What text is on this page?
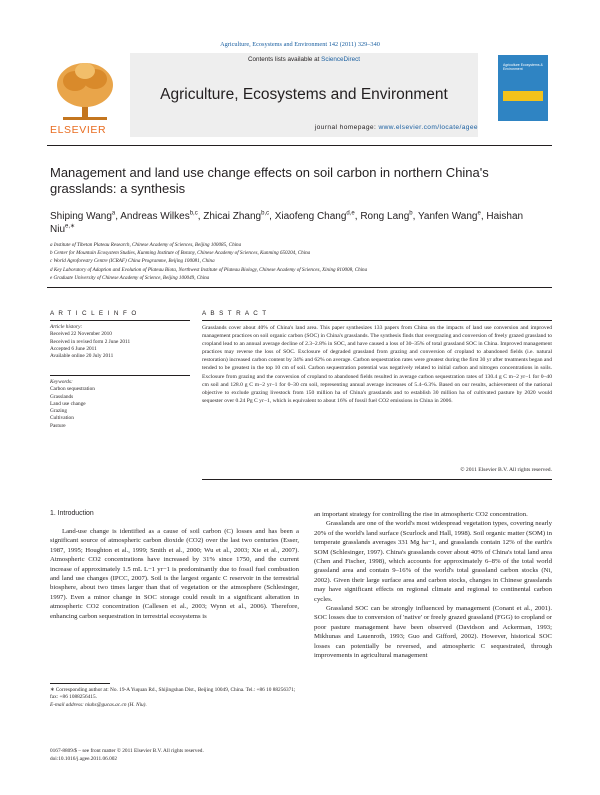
Agriculture, Ecosystems and Environment 142 (2011) 329–340
ELSEVIER
Contents lists available at ScienceDirect
Agriculture, Ecosystems and Environment
journal homepage: www.elsevier.com/locate/agee
Agriculture Ecosystems & Environment
Management and land use change effects on soil carbon in northern China's grasslands: a synthesis
Shiping Wang$^a$, Andreas Wilkes$^{b,c}$, Zhicai Zhang$^{b,c}$, Xiaofeng Chang$^{d,e}$, Rong Lang$^b$, Yanfen Wang$^e$, Haishan Niu$^{e,∗}$
a Institute of Tibetan Plateau Research, Chinese Academy of Sciences, Beijing 100085, China
b Center for Mountain Ecosystem Studies, Kunming Institute of Botany, Chinese Academy of Sciences, Kunming 650204, China
c World Agroforestry Centre (ICRAF) China Programme, Beijing 100081, China
d Key Laboratory of Adaption and Evolution of Plateau Biota, Northwest Institute of Plateau Biology, Chinese Academy of Sciences, Xining 810008, China
e Graduate University of Chinese Academy of Science, Beijing 100049, China
A R T I C L E I N F O	A B S T R A C T
Article history:
Received 22 November 2010
Received in revised form 2 June 2011
Accepted 6 June 2011
Available online 20 July 2011
Keywords:
Carbon sequestration
Grasslands
Land use change
Grazing
Cultivation
Pasture
Grasslands cover about 40% of China's land area. This paper synthesizes 133 papers from China on the impacts of land use conversion and improved management practices on soil organic carbon (SOC) in China's grasslands. The synthesis finds that overgrazing and conversion of freely grazed grassland to cropland lead to an annual average decline of 2.3–2.8% in SOC, and have caused a loss of 30–35% of total grassland SOC in China. Improved management practices may reverse the loss of SOC. Exclosure of degraded grassland from grazing and conversion of cropland to abandoned fields (i.e. natural restoration) increased carbon content by 34% and 62% on average. Carbon sequestration rates were greatest during the first 30 yr after treatments began and tended to be greatest in the top 10 cm of soil. Carbon sequestration potential was negatively related to initial carbon and nitrogen concentrations in soils. Exclosure from grazing and the conversion of cropland to abandoned fields resulted in average carbon sequestration rates of 130.4 g C m−2 yr−1 for 0–40 cm soil and 128.0 g C m−2 yr−1 for 0–30 cm soil, representing annual average increases of 5.4–6.3%. Based on our results, achievement of the national objective to exclude grazing livestock from 150 million ha of China's grasslands and to establish 30 million ha of cultivated pasture by 2020 would sequester over 0.24 Pg C yr−1, which is equivalent to about 16% of fossil fuel CO2 emissions in China in 2006.
© 2011 Elsevier B.V. All rights reserved.
1. Introduction
Land-use change is identified as a cause of soil carbon (C) losses and has been a significant source of atmospheric carbon dioxide (CO2) over the last two centuries (Esser, 1987, 1995; Houghton et al., 1999; Smith et al., 2000; Wu et al., 2003; Xie et al., 2007). Atmospheric CO2 concentrations have increased by 31% since 1750, and the current increase of approximately 1.5 mL L−1 yr−1 is predominantly due to fossil fuel combustion and land use changes (IPCC, 2007). Soil is the largest organic C reservoir in the terrestrial biosphere, about two times larger than that of vegetation or the atmosphere (Schlesinger, 1997). Even a minor change in SOC storage could result in a significant alteration in atmospheric CO2 concentration (Callesen et al., 2003; Wynn et al., 2006). Therefore, enhancing carbon sequestration in terrestrial ecosystems is

an important strategy for controlling the rise in atmospheric CO2 concentration.

Grasslands are one of the world's most widespread vegetation types, covering nearly 20% of the world's land surface (Scurlock and Hall, 1998). Soil organic matter (SOM) in temperate grasslands averages 331 Mg ha−1, and grasslands contain 12% of the earth's SOM (Schlesinger, 1997). China's grasslands cover about 40% of China's total land area (Chen and Fischer, 1998), which accounts for approximately 6–8% of the total world grassland area and contain 9–16% of the world's total grassland carbon stocks (Ni, 2002). Given their large surface area and carbon stocks, changes in Chinese grasslands may have significant effects on regional climate and regional to continental carbon cycles.

Grassland SOC can be strongly influenced by management (Conant et al., 2001). SOC losses due to conversion of 'native' or freely grazed grassland (FGG) to cropland or poor pasture management have been observed (Davidson and Ackerman, 1993; Mikhunas and Lauenroth, 1993; Guo and Gifford, 2002). However, historical SOC losses can potentially be reversed, and atmospheric C sequestrated, through improvements in agricultural management

∗ Corresponding author at: No. 19-A Yuquan Rd., Shijingshan Dist., Beijing 10049, China. Tel.: +86 10 88256371; fax: +86 1088256415.
E-mail address: niuhs@gucas.ac.cn (H. Niu).
0167-8809/$ – see front matter © 2011 Elsevier B.V. All rights reserved.
doi:10.1016/j.agee.2011.06.002
